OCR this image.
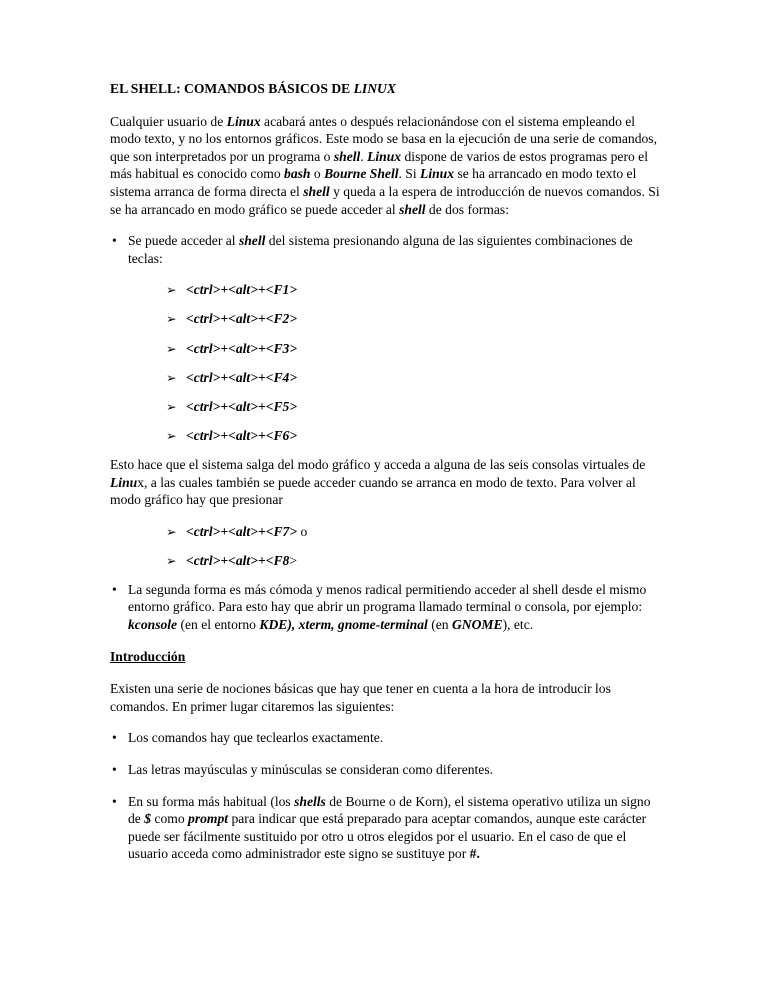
EL SHELL: COMANDOS BÁSICOS DE LINUX

Cualquier usuario de Linux acabará antes o después relacionándose con el sistema empleando el modo texto, y no los entornos gráficos. Este modo se basa en la ejecución de una serie de comandos, que son interpretados por un programa o shell. Linux dispone de varios de estos programas pero el más habitual es conocido como bash o Bourne Shell. Si Linux se ha arrancado en modo texto el sistema arranca de forma directa el shell y queda a la espera de introducción de nuevos comandos. Si se ha arrancado en modo gráfico se puede acceder al shell de dos formas:

• Se puede acceder al shell del sistema presionando alguna de las siguientes combinaciones de teclas:
➢ <ctrl>+<alt>+<F1>
➢ <ctrl>+<alt>+<F2>
➢ <ctrl>+<alt>+<F3>
➢ <ctrl>+<alt>+<F4>
➢ <ctrl>+<alt>+<F5>
➢ <ctrl>+<alt>+<F6>

Esto hace que el sistema salga del modo gráfico y acceda a alguna de las seis consolas virtuales de Linux, a las cuales también se puede acceder cuando se arranca en modo de texto. Para volver al modo gráfico hay que presionar

➢ <ctrl>+<alt>+<F7> o
➢ <ctrl>+<alt>+<F8>
• La segunda forma es más cómoda y menos radical permitiendo acceder al shell desde el mismo entorno gráfico. Para esto hay que abrir un programa llamado terminal o consola, por ejemplo: kconsole (en el entorno KDE), xterm, gnome-terminal (en GNOME), etc.
Introducción

Existen una serie de nociones básicas que hay que tener en cuenta a la hora de introducir los comandos. En primer lugar citaremos las siguientes:

• Los comandos hay que teclearlos exactamente.
• Las letras mayúsculas y minúsculas se consideran como diferentes.
• En su forma más habitual (los shells de Bourne o de Korn), el sistema operativo utiliza un signo de $ como prompt para indicar que está preparado para aceptar comandos, aunque este carácter puede ser fácilmente sustituido por otro u otros elegidos por el usuario. En el caso de que el usuario acceda como administrador este signo se sustituye por #.
